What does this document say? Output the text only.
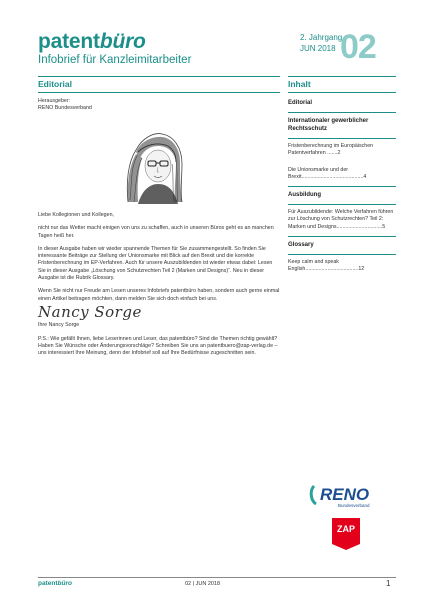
patentbüro
Infobrief für Kanzleimitarbeiter
2. Jahrgang
JUN 2018 02
Editorial	Inhalt
Herausgeber:
RENO Bundesverband

Liebe Kolleginnen und Kollegen,

nicht nur das Wetter macht einigen von uns zu schaffen, auch in unseren Büros geht es an manchen Tagen heiß her.

In dieser Ausgabe haben wir wieder spannende Themen für Sie zusammengestellt. So finden Sie interessante Beiträge zur Stellung der Unionsmarke mit Blick auf den Brexit und die korrekte Fristenberechnung im EP-Verfahren. Auch für unsere Auszubildenden ist wieder etwas dabei: Lesen Sie in dieser Ausgabe „Löschung von Schutzrechten Teil 2 (Marken und Designs)“. Neu in dieser Ausgabe ist die Rubrik Glossary.

Wenn Sie nicht nur Freude am Lesen unseres Infobriefs patentbüro haben, sondern auch gerne einmal einen Artikel beitragen möchten, dann melden Sie sich doch einfach bei uns.

Nancy Sorge

Ihre Nancy Sorge

P.S.: Wie gefällt Ihnen, liebe Leserinnen und Leser, das patentbüro? Sind die Themen richtig gewählt? Haben Sie Wünsche oder Änderungsvorschläge? Schreiben Sie uns an patentbuero@zap-verlag.de – uns interessiert Ihre Meinung, denn der Infobrief soll auf Ihre Bedürfnisse zugeschnitten sein.

Editorial
Internationaler gewerblicher Rechtsschutz
Fristenberechnung im Europäischen Patentverfahren .......2
Die Unionsmarke und der Brexit..........................................4
Ausbildung
Für Auszubildende: Welche Verfahren führen zur Löschung von Schutzrechten? Teil 2: Marken und Designs...............................5
Glossary
Keep calm and speak English....................................12
RENO
Bundesverband
ZAP
patentbüro	02 | JUN 2018	1
